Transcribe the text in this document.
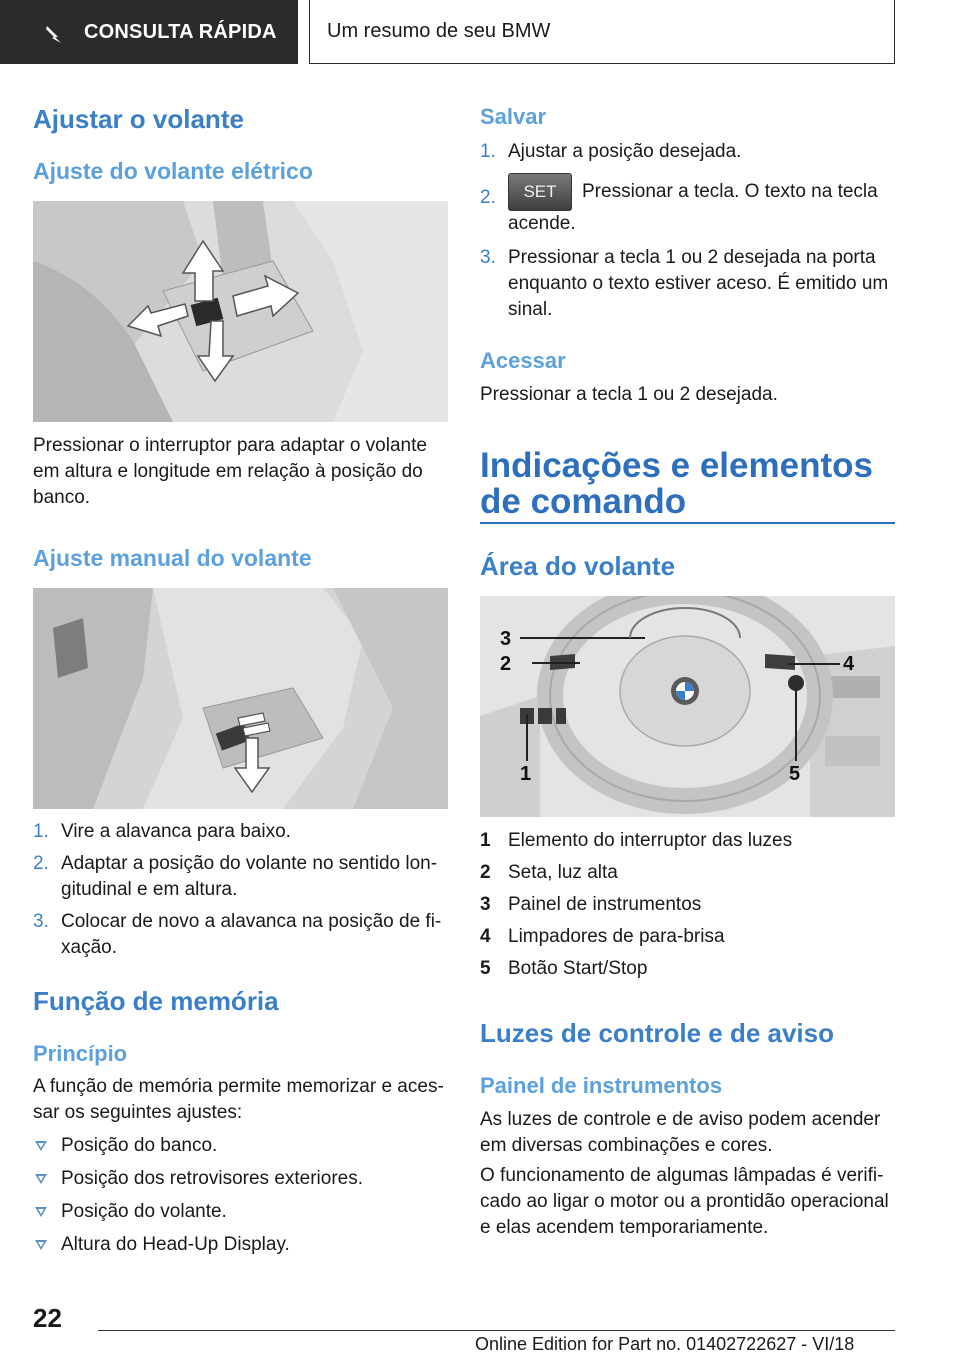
CONSULTA RÁPIDA	Um resumo de seu BMW
Ajustar o volante
Ajuste do volante elétrico
Pressionar o interruptor para adaptar o volante em altura e longitude em relação à posição do banco.
Ajuste manual do volante
1. Vire a alavanca para baixo.
2. Adaptar a posição do volante no sentido lon-gitudinal e em altura.
3. Colocar de novo a alavanca na posição de fi-xação.
Função de memória
Princípio
A função de memória permite memorizar e aces-sar os seguintes ajustes:
Posição do banco.
Posição dos retrovisores exteriores.
Posição do volante.
Altura do Head-Up Display.
Salvar
1. Ajustar a posição desejada.
2. SET Pressionar a tecla. O texto na tecla acende.
3. Pressionar a tecla 1 ou 2 desejada na porta enquanto o texto estiver aceso. É emitido um sinal.
Acessar
Pressionar a tecla 1 ou 2 desejada.
Indicações e elementos de comando
Área do volante
3
2	4
1	5
1 Elemento do interruptor das luzes
2 Seta, luz alta
3 Painel de instrumentos
4 Limpadores de para-brisa
5 Botão Start/Stop
Luzes de controle e de aviso
Painel de instrumentos
As luzes de controle e de aviso podem acender em diversas combinações e cores.
O funcionamento de algumas lâmpadas é verifi-cado ao ligar o motor ou a prontidão operacional e elas acendem temporariamente.
22
Online Edition for Part no. 01402722627 - VI/18
